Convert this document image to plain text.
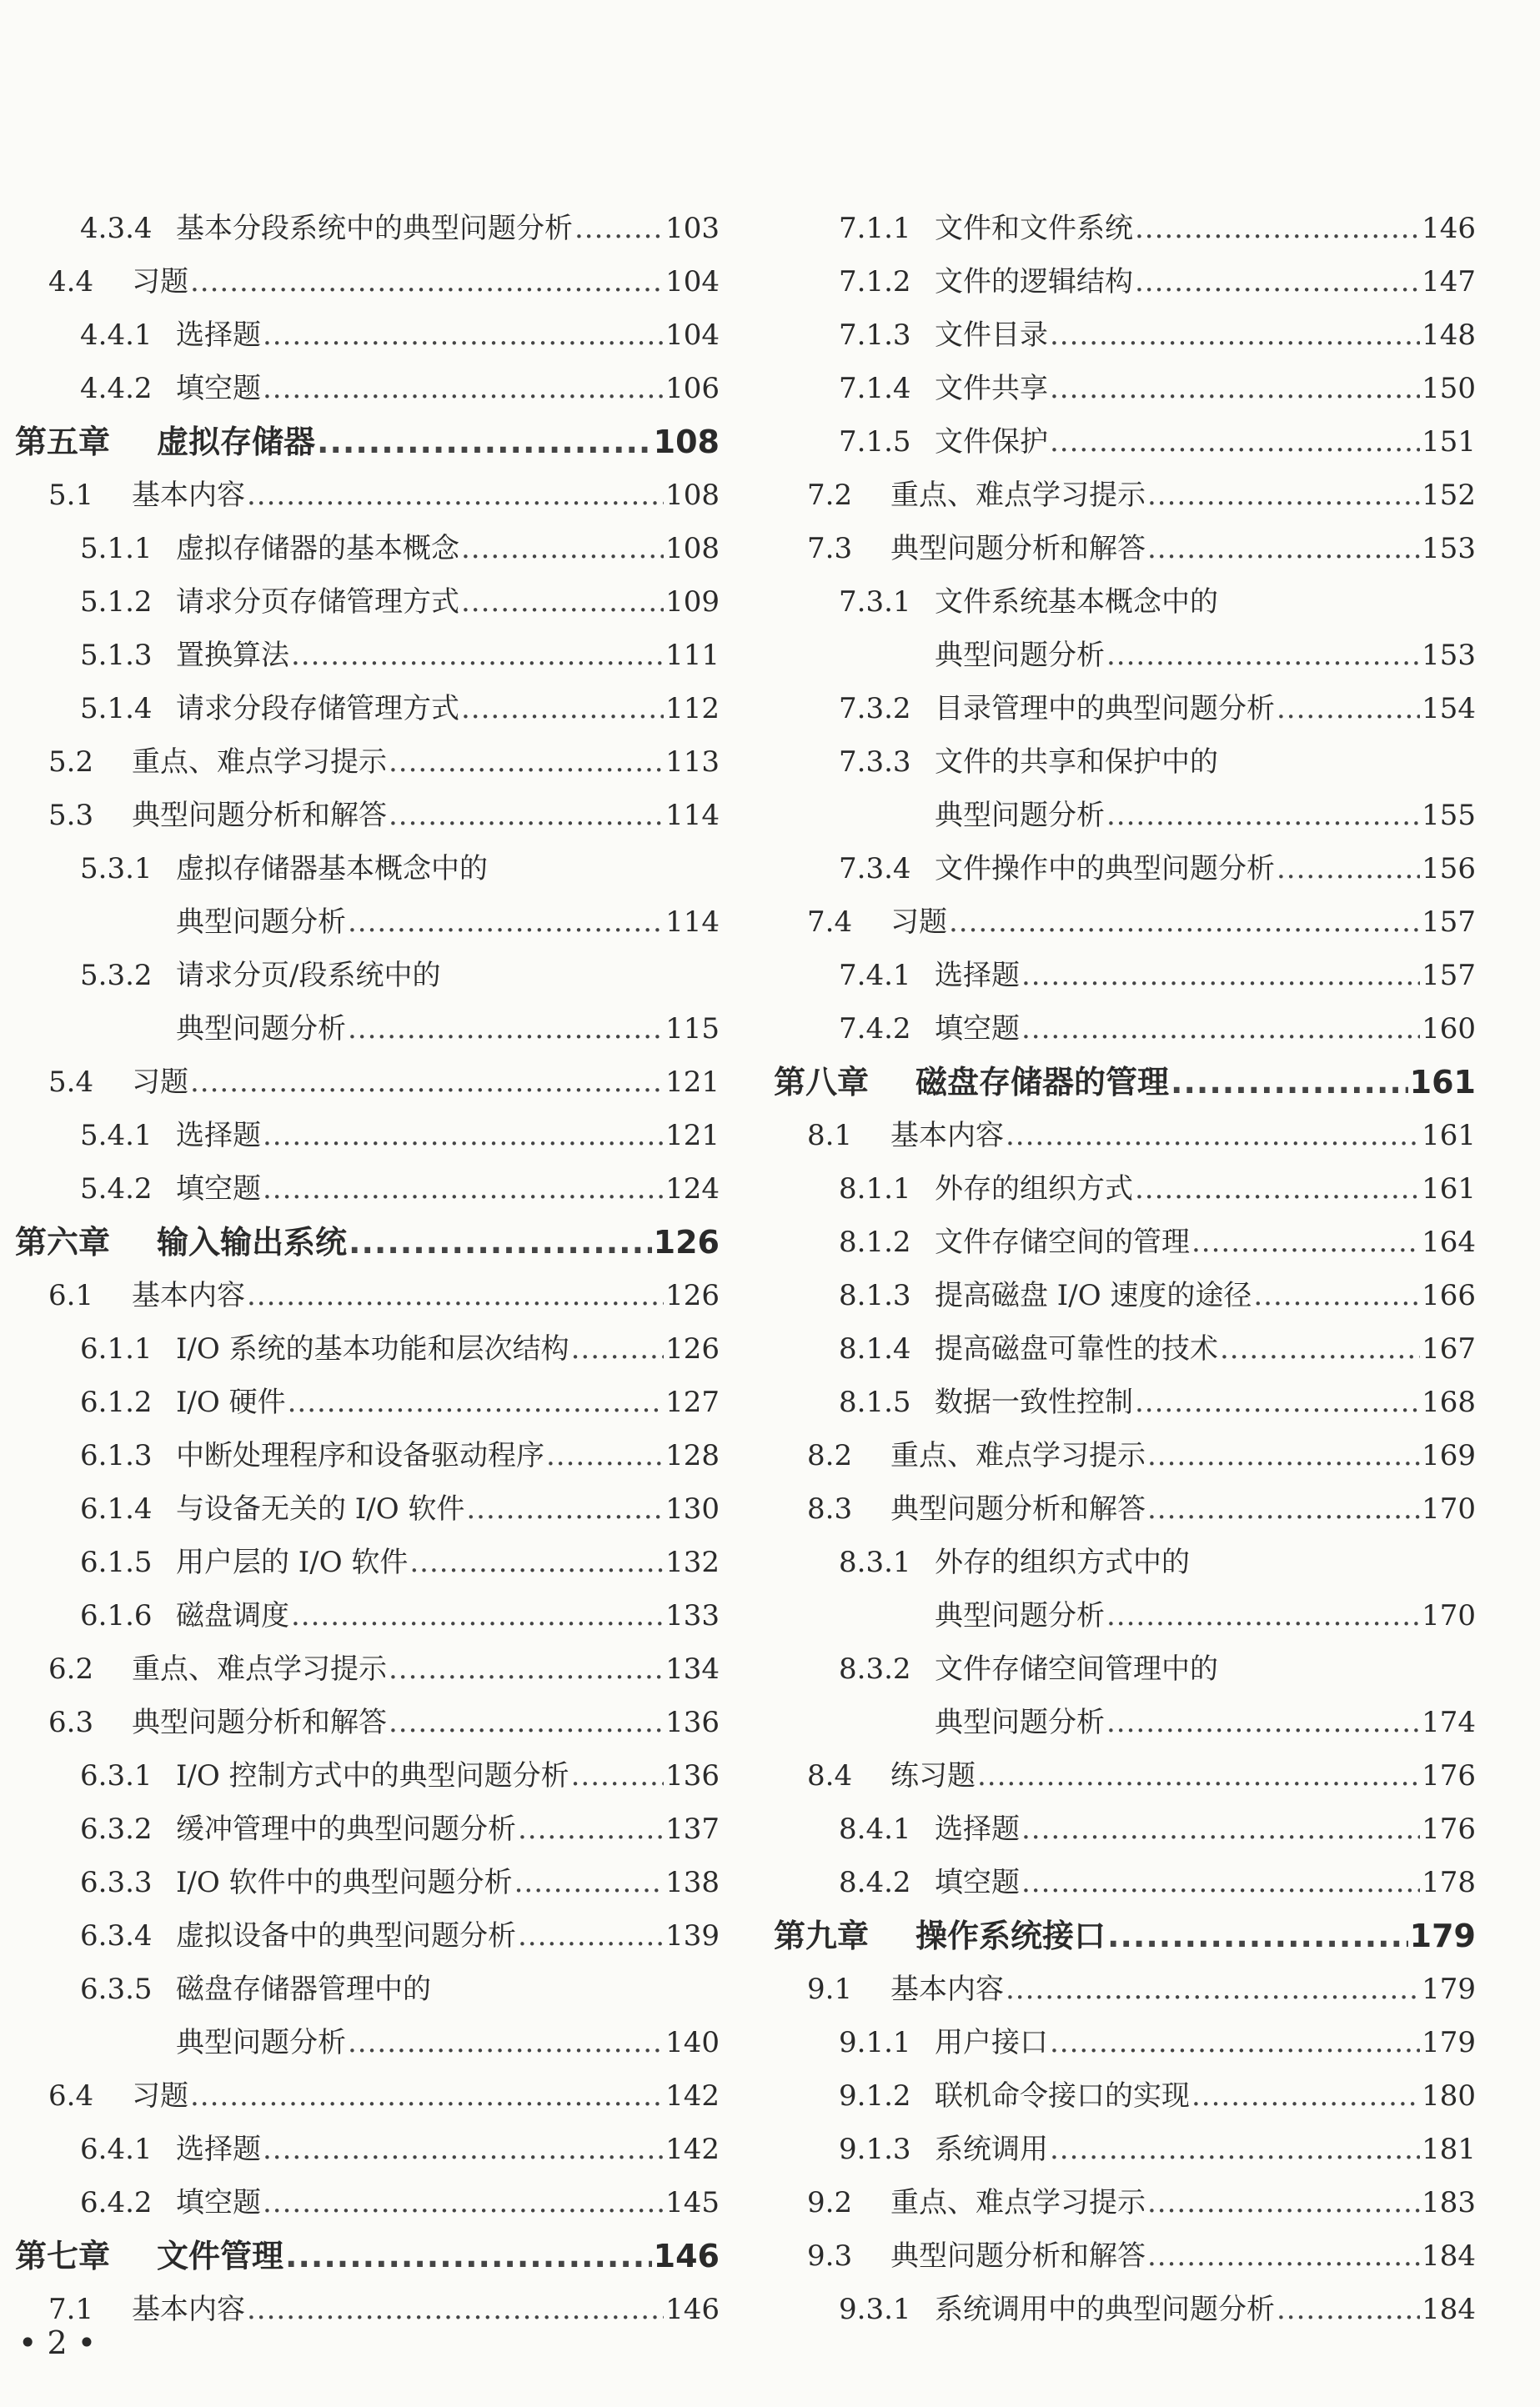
4.3.4 基本分段系统中的典型问题分析 .....	103
4.4	习题 .....	104
4.4.1 选择题 .....	104
4.4.2 填空题 .....	106
第五章	虚拟存储器 .....	108
5.1	基本内容 .....	108
5.1.1 虚拟存储器的基本概念 .....	108
5.1.2 请求分页存储管理方式 .....	109
5.1.3 置换算法 .....	111
5.1.4 请求分段存储管理方式 .....	112
5.2	重点、难点学习提示 .....	113
5.3	典型问题分析和解答 .....	114
5.3.1 虚拟存储器基本概念中的
典型问题分析 .....	114
5.3.2 请求分页/段系统中的
典型问题分析 .....	115
5.4	习题 .....	121
5.4.1 选择题 .....	121
5.4.2 填空题 .....	124
第六章	输入输出系统 .....	126
6.1	基本内容 .....	126
6.1.1 I/O 系统的基本功能和层次结构 .....	126
6.1.2 I/O 硬件 .....	127
6.1.3 中断处理程序和设备驱动程序 .....	128
6.1.4 与设备无关的 I/O 软件 .....	130
6.1.5 用户层的 I/O 软件 .....	132
6.1.6 磁盘调度 .....	133
6.2	重点、难点学习提示 .....	134
6.3	典型问题分析和解答 .....	136
6.3.1 I/O 控制方式中的典型问题分析 .....	136
6.3.2 缓冲管理中的典型问题分析 .....	137
6.3.3 I/O 软件中的典型问题分析 .....	138
6.3.4 虚拟设备中的典型问题分析 .....	139
6.3.5 磁盘存储器管理中的
典型问题分析 .....	140
6.4	习题 .....	142
6.4.1 选择题 .....	142
6.4.2 填空题 .....	145
第七章	文件管理 .....	146
7.1	基本内容 .....	146
7.1.1 文件和文件系统 .....	146
7.1.2 文件的逻辑结构 .....	147
7.1.3 文件目录 .....	148
7.1.4 文件共享 .....	150
7.1.5 文件保护 .....	151
7.2	重点、难点学习提示 .....	152
7.3	典型问题分析和解答 .....	153
7.3.1 文件系统基本概念中的
典型问题分析 .....	153
7.3.2 目录管理中的典型问题分析 .....	154
7.3.3 文件的共享和保护中的
典型问题分析 .....	155
7.3.4 文件操作中的典型问题分析 .....	156
7.4	习题 .....	157
7.4.1 选择题 .....	157
7.4.2 填空题 .....	160
第八章	磁盘存储器的管理 .....	161
8.1	基本内容 .....	161
8.1.1 外存的组织方式 .....	161
8.1.2 文件存储空间的管理 .....	164
8.1.3 提高磁盘 I/O 速度的途径 .....	166
8.1.4 提高磁盘可靠性的技术 .....	167
8.1.5 数据一致性控制 .....	168
8.2	重点、难点学习提示 .....	169
8.3	典型问题分析和解答 .....	170
8.3.1 外存的组织方式中的
典型问题分析 .....	170
8.3.2 文件存储空间管理中的
典型问题分析 .....	174
8.4	练习题 .....	176
8.4.1 选择题 .....	176
8.4.2 填空题 .....	178
第九章	操作系统接口 .....	179
9.1	基本内容 .....	179
9.1.1 用户接口 .....	179
9.1.2 联机命令接口的实现 .....	180
9.1.3 系统调用 .....	181
9.2	重点、难点学习提示 .....	183
9.3	典型问题分析和解答 .....	184
9.3.1 系统调用中的典型问题分析 .....	184
• 2 •
